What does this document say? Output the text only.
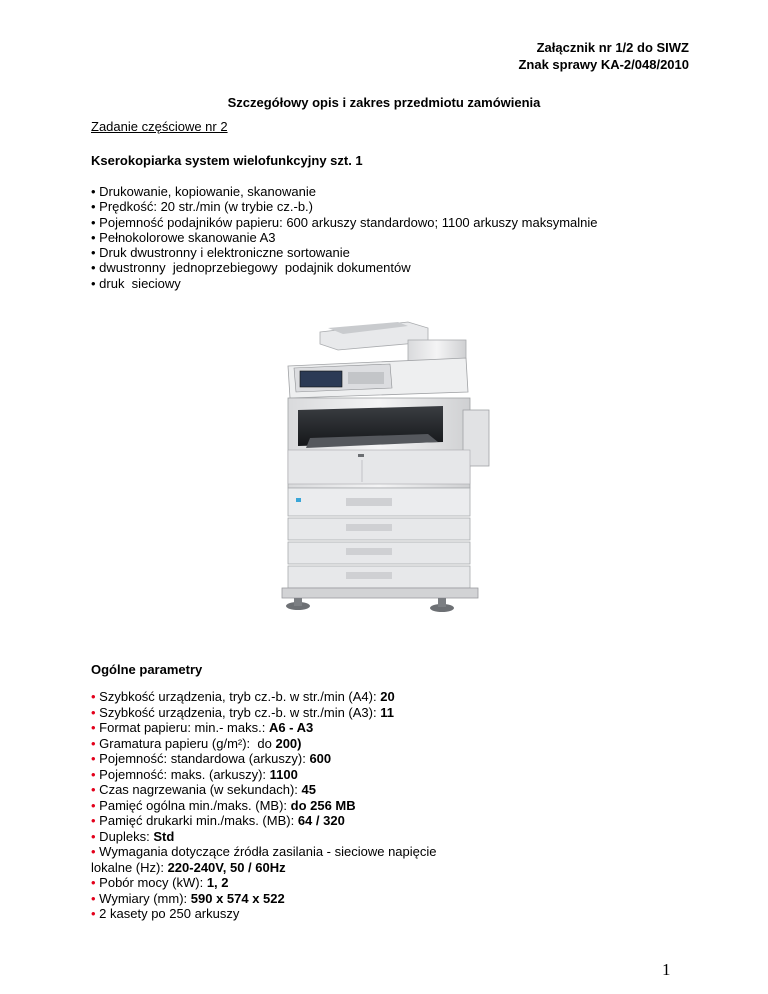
Załącznik nr 1/2 do SIWZ
Znak sprawy KA-2/048/2010
Szczegółowy opis i zakres przedmiotu zamówienia
Zadanie częściowe nr 2
Kserokopiarka system wielofunkcyjny szt. 1
• Drukowanie, kopiowanie, skanowanie
• Prędkość: 20 str./min (w trybie cz.-b.)
• Pojemność podajników papieru: 600 arkuszy standardowo; 1100 arkuszy maksymalnie
• Pełnokolorowe skanowanie A3
• Druk dwustronny i elektroniczne sortowanie
• dwustronny  jednoprzebiegowy  podajnik dokumentów
• druk  sieciowy
Ogólne parametry
• Szybkość urządzenia, tryb cz.-b. w str./min (A4): 20
• Szybkość urządzenia, tryb cz.-b. w str./min (A3): 11
• Format papieru: min.- maks.: A6 - A3
• Gramatura papieru (g/m²):  do 200)
• Pojemność: standardowa (arkuszy): 600
• Pojemność: maks. (arkuszy): 1100
• Czas nagrzewania (w sekundach): 45
• Pamięć ogólna min./maks. (MB): do 256 MB
• Pamięć drukarki min./maks. (MB): 64 / 320
• Dupleks: Std
• Wymagania dotyczące źródła zasilania - sieciowe napięcie
lokalne (Hz): 220-240V, 50 / 60Hz
• Pobór mocy (kW): 1, 2
• Wymiary (mm): 590 x 574 x 522
• 2 kasety po 250 arkuszy
1
